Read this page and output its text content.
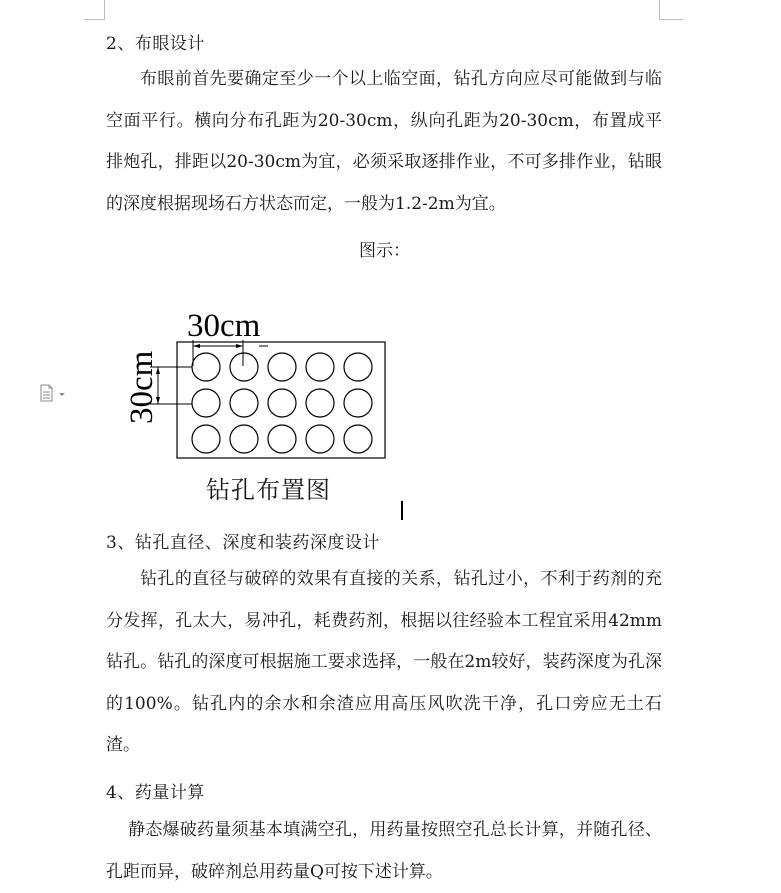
2、布眼设计

布眼前首先要确定至少一个以上临空面，钻孔方向应尽可能做到与临空面平行。横向分布孔距为20-30cm，纵向孔距为20-30cm，布置成平排炮孔，排距以20-30cm为宜，必须采取逐排作业，不可多排作业，钻眼的深度根据现场石方状态而定，一般为1.2-2m为宜。

图示：
30cm
30cm
钻孔布置图
3、钻孔直径、深度和装药深度设计

钻孔的直径与破碎的效果有直接的关系，钻孔过小，不利于药剂的充分发挥，孔太大，易冲孔，耗费药剂，根据以往经验本工程宜采用42mm钻孔。钻孔的深度可根据施工要求选择，一般在2m较好，装药深度为孔深的100%。钻孔内的余水和余渣应用高压风吹洗干净，孔口旁应无土石渣。

4、药量计算

静态爆破药量须基本填满空孔，用药量按照空孔总长计算，并随孔径、孔距而异，破碎剂总用药量Q可按下述计算。
